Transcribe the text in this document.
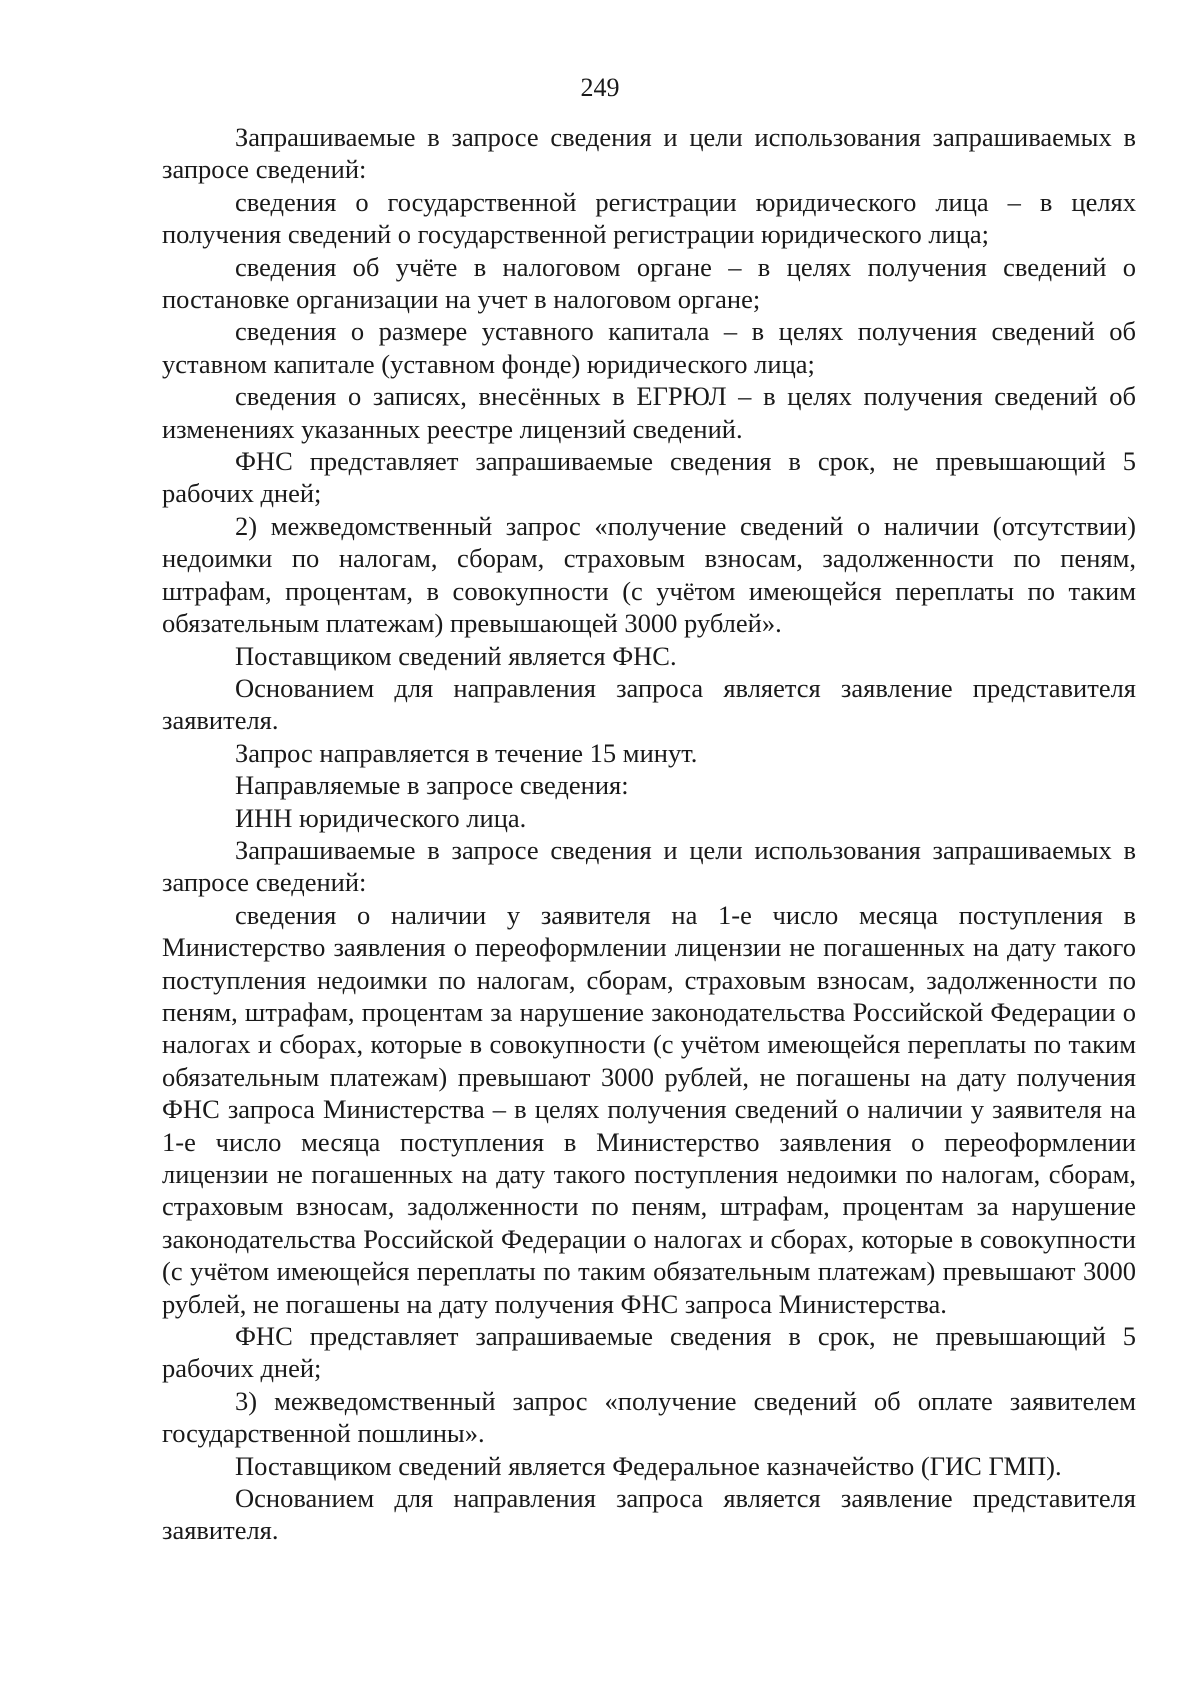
249

Запрашиваемые в запросе сведения и цели использования запрашиваемых в запросе сведений:

сведения о государственной регистрации юридического лица – в целях получения сведений о государственной регистрации юридического лица;

сведения об учёте в налоговом органе – в целях получения сведений о постановке организации на учет в налоговом органе;

сведения о размере уставного капитала – в целях получения сведений об уставном капитале (уставном фонде) юридического лица;

сведения о записях, внесённых в ЕГРЮЛ – в целях получения сведений об изменениях указанных реестре лицензий сведений.

ФНС представляет запрашиваемые сведения в срок, не превышающий 5 рабочих дней;

2) межведомственный запрос «получение сведений о наличии (отсутствии) недоимки по налогам, сборам, страховым взносам, задолженности по пеням, штрафам, процентам, в совокупности (с учётом имеющейся переплаты по таким обязательным платежам) превышающей 3000 рублей».

Поставщиком сведений является ФНС.

Основанием для направления запроса является заявление представителя заявителя.

Запрос направляется в течение 15 минут.

Направляемые в запросе сведения:

ИНН юридического лица.

Запрашиваемые в запросе сведения и цели использования запрашиваемых в запросе сведений:

сведения о наличии у заявителя на 1-е число месяца поступления в Министерство заявления о переоформлении лицензии не погашенных на дату такого поступления недоимки по налогам, сборам, страховым взносам, задолженности по пеням, штрафам, процентам за нарушение законодательства Российской Федерации о налогах и сборах, которые в совокупности (с учётом имеющейся переплаты по таким обязательным платежам) превышают 3000 рублей, не погашены на дату получения ФНС запроса Министерства – в целях получения сведений о наличии у заявителя на 1-е число месяца поступления в Министерство заявления о переоформлении лицензии не погашенных на дату такого поступления недоимки по налогам, сборам, страховым взносам, задолженности по пеням, штрафам, процентам за нарушение законодательства Российской Федерации о налогах и сборах, которые в совокупности (с учётом имеющейся переплаты по таким обязательным платежам) превышают 3000 рублей, не погашены на дату получения ФНС запроса Министерства.

ФНС представляет запрашиваемые сведения в срок, не превышающий 5 рабочих дней;

3) межведомственный запрос «получение сведений об оплате заявителем государственной пошлины».

Поставщиком сведений является Федеральное казначейство (ГИС ГМП).

Основанием для направления запроса является заявление представителя заявителя.
